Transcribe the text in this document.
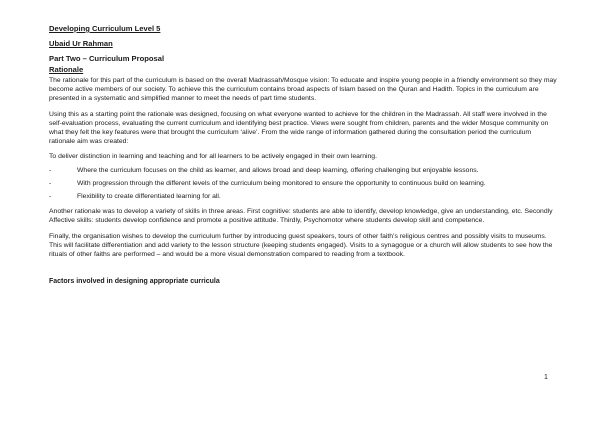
Developing Curriculum Level 5
Ubaid Ur Rahman
Part Two – Curriculum Proposal
Rationale

The rationale for this part of the curriculum is based on the overall Madrassah/Mosque vision: To educate and inspire young people in a friendly environment so they may become active members of our society. To achieve this the curriculum contains broad aspects of Islam based on the Quran and Hadith. Topics in the curriculum are presented in a systematic and simplified manner to meet the needs of part time students.

Using this as a starting point the rationale was designed, focusing on what everyone wanted to achieve for the children in the Madrassah. All staff were involved in the self-evaluation process, evaluating the current curriculum and identifying best practice. Views were sought from children, parents and the wider Mosque community on what they felt the key features were that brought the curriculum ‘alive’. From the wide range of information gathered during the consultation period the curriculum rationale aim was created:

To deliver distinction in learning and teaching and for all learners to be actively engaged in their own learning.

-	Where the curriculum focuses on the child as learner, and allows broad and deep learning, offering challenging but enjoyable lessons.
-	With progression through the different levels of the curriculum being monitored to ensure the opportunity to continuous build on learning.
-	Flexibility to create differentiated learning for all.

Another rationale was to develop a variety of skills in three areas. First cognitive: students are able to identify, develop knowledge, give an understanding, etc. Secondly Affective skills: students develop confidence and promote a positive attitude. Thirdly, Psychomotor where students develop skill and competence.

Finally, the organisation wishes to develop the curriculum further by introducing guest speakers, tours of other faith’s religious centres and possibly visits to museums. This will facilitate differentiation and add variety to the lesson structure (keeping students engaged). Visits to a synagogue or a church will allow students to see how the rituals of other faiths are performed – and would be a more visual demonstration compared to reading from a textbook.

Factors involved in designing appropriate curricula
1
